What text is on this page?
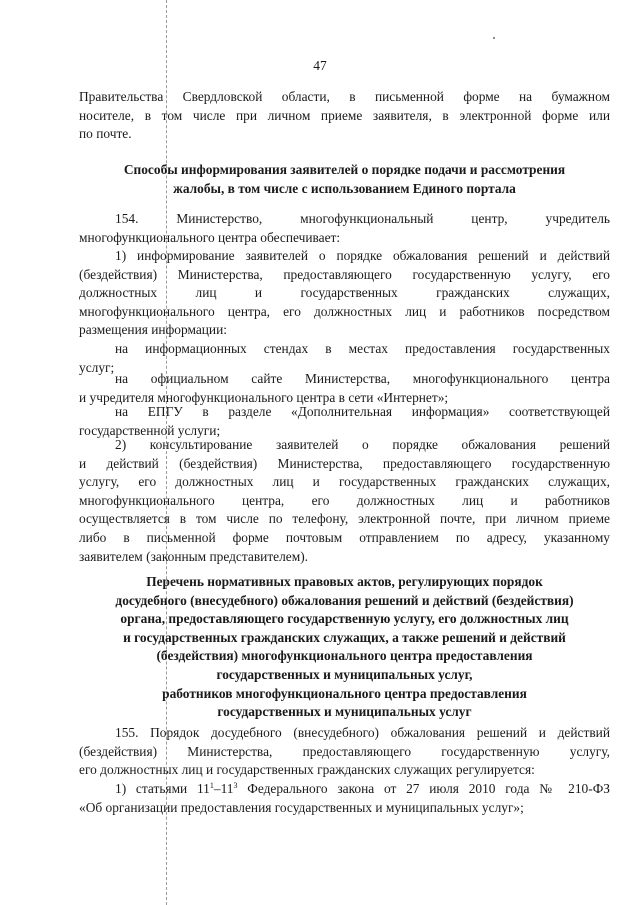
47
Правительства Свердловской области, в письменной форме на бумажном
носителе, в том числе при личном приеме заявителя, в электронной форме или
по почте.
Способы информирования заявителей о порядке подачи и рассмотрения
жалобы, в том числе с использованием Единого портала
154. Министерство, многофункциональный центр, учредитель
многофункционального центра обеспечивает:
1) информирование заявителей о порядке обжалования решений и действий
(бездействия) Министерства, предоставляющего государственную услугу, его
должностных лиц и государственных гражданских служащих,
многофункционального центра, его должностных лиц и работников посредством
размещения информации:
на информационных стендах в местах предоставления государственных
услуг;
на официальном сайте Министерства, многофункционального центра
и учредителя многофункционального центра в сети «Интернет»;
на ЕПГУ в разделе «Дополнительная информация» соответствующей
государственной услуги;
2) консультирование заявителей о порядке обжалования решений
и действий (бездействия) Министерства, предоставляющего государственную
услугу, его должностных лиц и государственных гражданских служащих,
многофункционального центра, его должностных лиц и работников
осуществляется в том числе по телефону, электронной почте, при личном приеме
либо в письменной форме почтовым отправлением по адресу, указанному
заявителем (законным представителем).
Перечень нормативных правовых актов, регулирующих порядок
досудебного (внесудебного) обжалования решений и действий (бездействия)
органа, предоставляющего государственную услугу, его должностных лиц
и государственных гражданских служащих, а также решений и действий
(бездействия) многофункционального центра предоставления
государственных и муниципальных услуг,
работников многофункционального центра предоставления
государственных и муниципальных услуг
155. Порядок досудебного (внесудебного) обжалования решений и действий
(бездействия) Министерства, предоставляющего государственную услугу,
его должностных лиц и государственных гражданских служащих регулируется:
1) статьями $11^1-11^3$ Федерального закона от 27 июля 2010 года № 210-ФЗ
«Об организации предоставления государственных и муниципальных услуг»;
